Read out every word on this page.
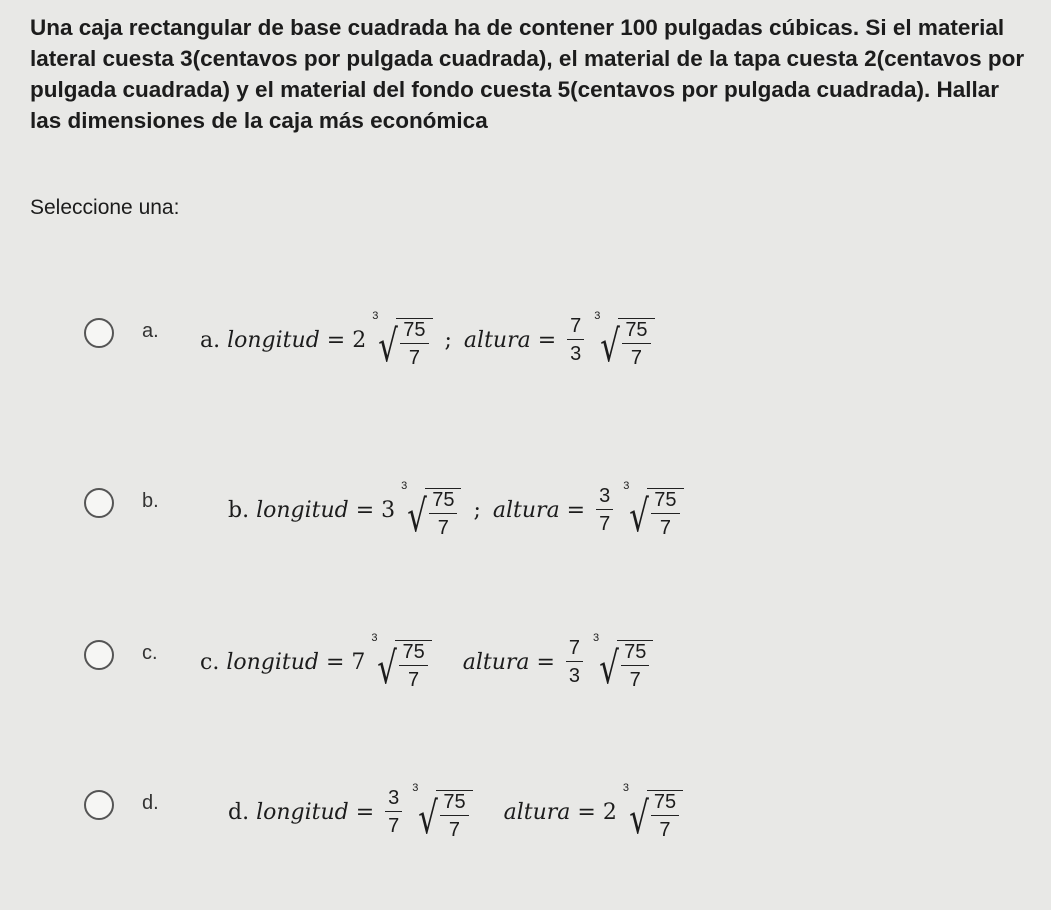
Una caja rectangular de base cuadrada ha de contener 100 pulgadas cúbicas. Si el material lateral cuesta 3(centavos por pulgada cuadrada), el material de la tapa cuesta 2(centavos por pulgada cuadrada) y el material del fondo cuesta 5(centavos por pulgada cuadrada). Hallar las dimensiones de la caja más económica
Seleccione una:
a. a. longitud = 2
3
√ $\frac{75}{7}$ ; altura = $\frac{7}{3} 3$
√ $\frac{75}{7}$
b.	b. longitud = 3
3
√ $\frac{75}{7}$ ; altura = $\frac{3}{7} 3$
√ $\frac{75}{7}$
c. c. longitud = 7
3
√ $\frac{75}{7}$
altura = $\frac{7}{3} 3$
√ $\frac{75}{7}$
d.	d. longitud = $\frac{3}{7} 3$
√ $\frac{75}{7}$
altura = 2
3
√ $\frac{75}{7}$
